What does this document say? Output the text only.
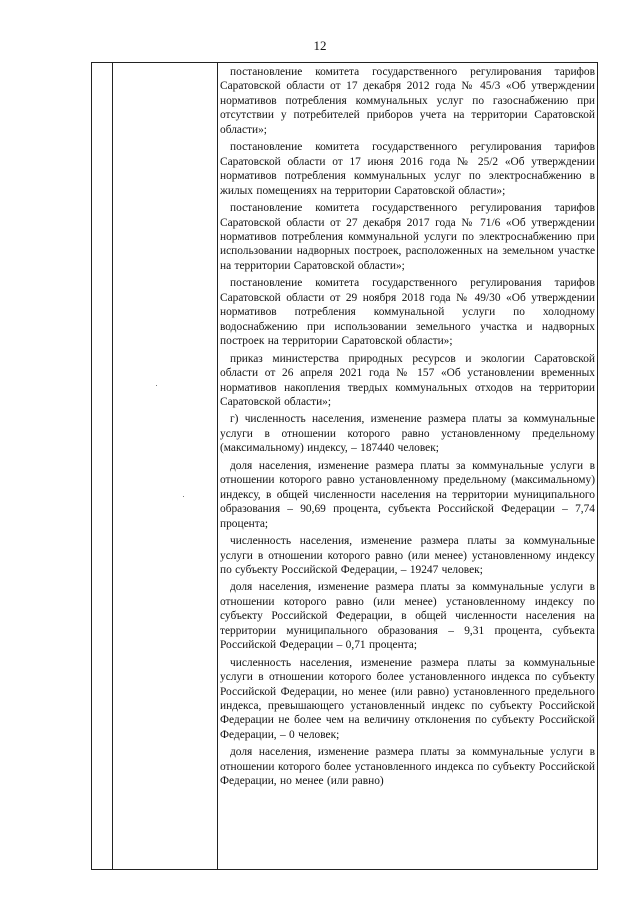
12

постановление комитета государственного регулирования тарифов Саратовской области от 17 декабря 2012 года № 45/3 «Об утверждении нормативов потребления коммунальных услуг по газоснабжению при отсутствии у потребителей приборов учета на территории Саратовской области»;

постановление комитета государственного регулирования тарифов Саратовской области от 17 июня 2016 года № 25/2 «Об утверждении нормативов потребления коммунальных услуг по электроснабжению в жилых помещениях на территории Саратовской области»;

постановление комитета государственного регулирования тарифов Саратовской области от 27 декабря 2017 года № 71/6 «Об утверждении нормативов потребления коммунальной услуги по электроснабжению при использовании надворных построек, расположенных на земельном участке на территории Саратовской области»;

постановление комитета государственного регулирования тарифов Саратовской области от 29 ноября 2018 года № 49/30 «Об утверждении нормативов потребления коммунальной услуги по холодному водоснабжению при использовании земельного участка и надворных построек на территории Саратовской области»;

приказ министерства природных ресурсов и экологии Саратовской области от 26 апреля 2021 года № 157 «Об установлении временных нормативов накопления твердых коммунальных отходов на территории Саратовской области»;

г) численность населения, изменение размера платы за коммунальные услуги в отношении которого равно установленному предельному (максимальному) индексу, – 187440 человек;

доля населения, изменение размера платы за коммунальные услуги в отношении которого равно установленному предельному (максимальному) индексу, в общей численности населения на территории муниципального образования – 90,69 процента, субъекта Российской Федерации – 7,74 процента;

численность населения, изменение размера платы за коммунальные услуги в отношении которого равно (или менее) установленному индексу по субъекту Российской Федерации, – 19247 человек;

доля населения, изменение размера платы за коммунальные услуги в отношении которого равно (или менее) установленному индексу по субъекту Российской Федерации, в общей численности населения на территории муниципального образования – 9,31 процента, субъекта Российской Федерации – 0,71 процента;

численность населения, изменение размера платы за коммунальные услуги в отношении которого более установленного индекса по субъекту Российской Федерации, но менее (или равно) установленного предельного индекса, превышающего установленный индекс по субъекту Российской Федерации не более чем на величину отклонения по субъекту Российской Федерации, – 0 человек;

доля населения, изменение размера платы за коммунальные услуги в отношении которого более установленного индекса по субъекту Российской Федерации, но менее (или равно)
